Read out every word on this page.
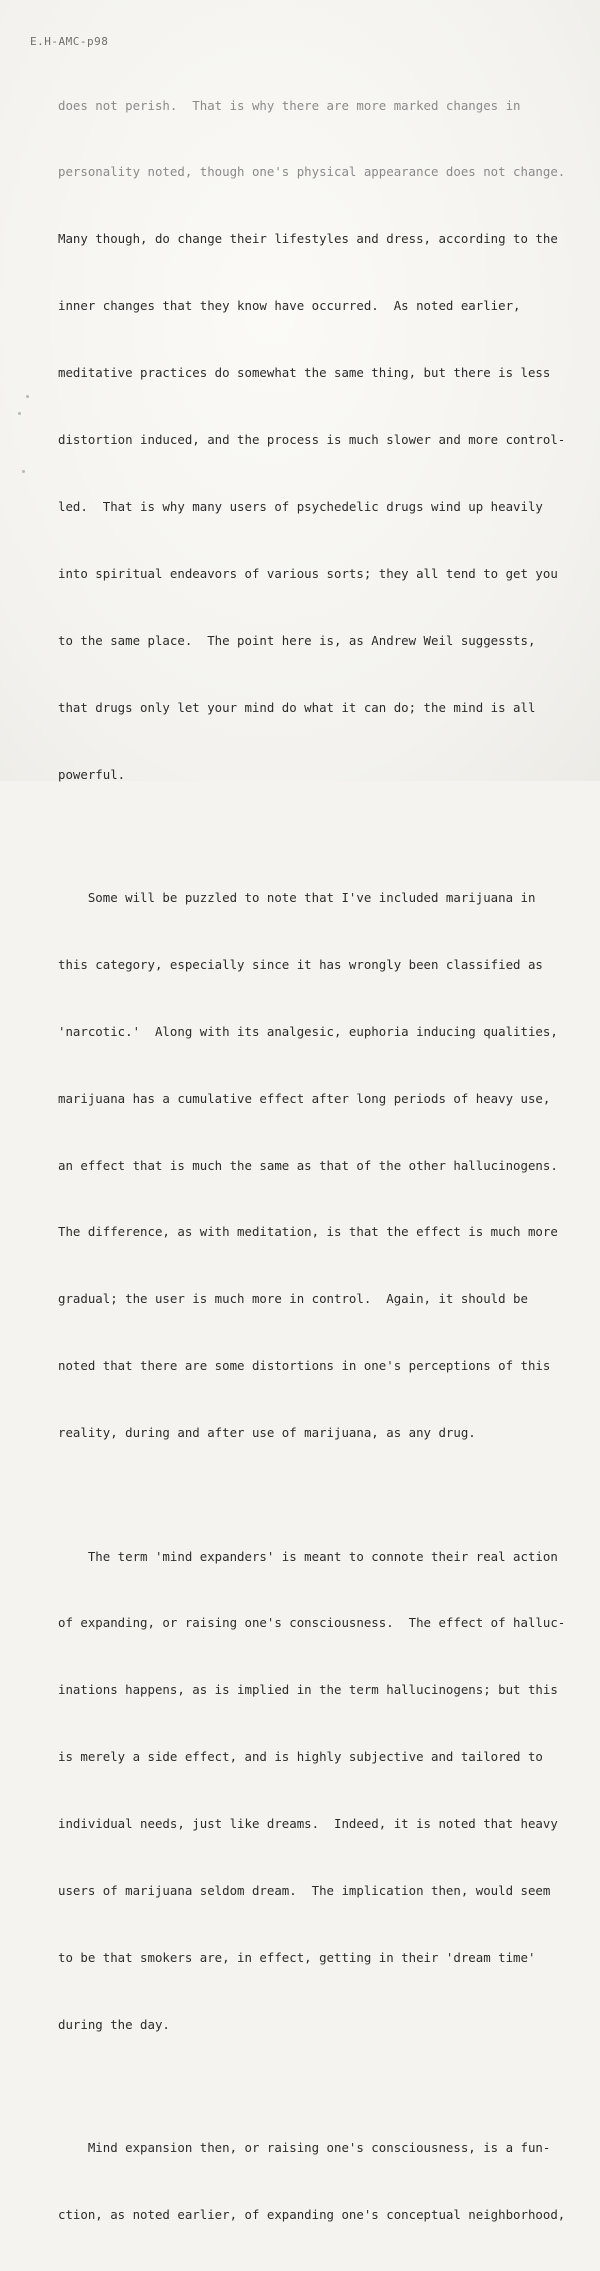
E.H-AMC-p98

does not perish.  That is why there are more marked changes in

personality noted, though one's physical appearance does not change.

Many though, do change their lifestyles and dress, according to the

inner changes that they know have occurred.  As noted earlier,

meditative practices do somewhat the same thing, but there is less

distortion induced, and the process is much slower and more control-

led.  That is why many users of psychedelic drugs wind up heavily

into spiritual endeavors of various sorts; they all tend to get you

to the same place.  The point here is, as Andrew Weil suggessts,

that drugs only let your mind do what it can do; the mind is all

powerful.

Some will be puzzled to note that I've included marijuana in

this category, especially since it has wrongly been classified as

'narcotic.'  Along with its analgesic, euphoria inducing qualities,

marijuana has a cumulative effect after long periods of heavy use,

an effect that is much the same as that of the other hallucinogens.

The difference, as with meditation, is that the effect is much more

gradual; the user is much more in control.  Again, it should be

noted that there are some distortions in one's perceptions of this

reality, during and after use of marijuana, as any drug.

The term 'mind expanders' is meant to connote their real action

of expanding, or raising one's consciousness.  The effect of halluc-

inations happens, as is implied in the term hallucinogens; but this

is merely a side effect, and is highly subjective and tailored to

individual needs, just like dreams.  Indeed, it is noted that heavy

users of marijuana seldom dream.  The implication then, would seem

to be that smokers are, in effect, getting in their 'dream time'

during the day.

Mind expansion then, or raising one's consciousness, is a fun-

ction, as noted earlier, of expanding one's conceptual neighborhood,
